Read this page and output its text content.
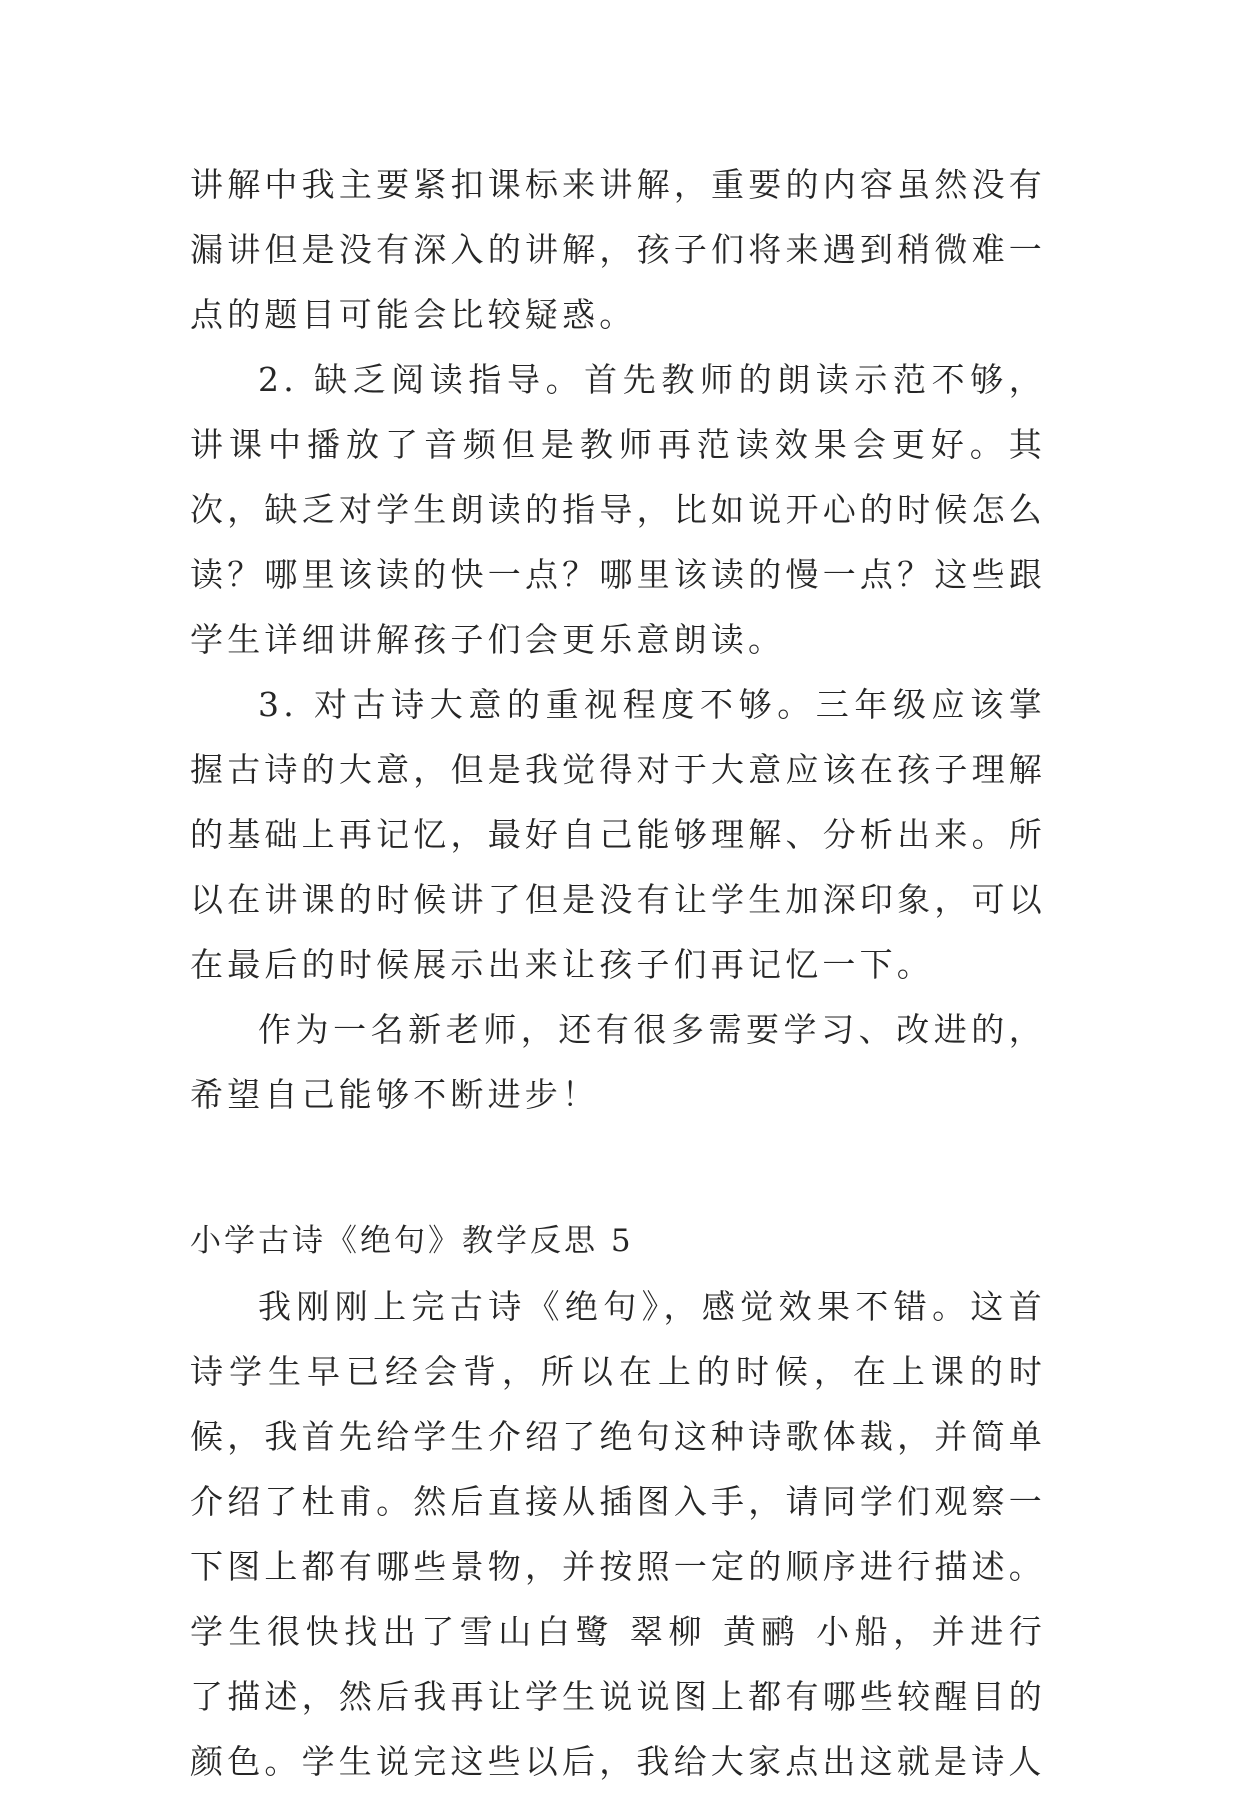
讲解中我主要紧扣课标来讲解，重要的内容虽然没有漏讲但是没有深入的讲解，孩子们将来遇到稍微难一点的题目可能会比较疑惑。

2. 缺乏阅读指导。首先教师的朗读示范不够，讲课中播放了音频但是教师再范读效果会更好。其次，缺乏对学生朗读的指导，比如说开心的时候怎么读？哪里该读的快一点？哪里该读的慢一点？这些跟学生详细讲解孩子们会更乐意朗读。

3. 对古诗大意的重视程度不够。三年级应该掌握古诗的大意，但是我觉得对于大意应该在孩子理解的基础上再记忆，最好自己能够理解、分析出来。所以在讲课的时候讲了但是没有让学生加深印象，可以在最后的时候展示出来让孩子们再记忆一下。

作为一名新老师，还有很多需要学习、改进的，希望自己能够不断进步！

小学古诗《绝句》教学反思 5

我刚刚上完古诗《绝句》，感觉效果不错。这首诗学生早已经会背，所以在上的时候，在上课的时候，我首先给学生介绍了绝句这种诗歌体裁，并简单介绍了杜甫。然后直接从插图入手，请同学们观察一下图上都有哪些景物，并按照一定的顺序进行描述。学生很快找出了雪山白鹭 翠柳 黄鹂 小船，并进行了描述，然后我再让学生说说图上都有哪些较醒目的颜色。学生说完这些以后，我给大家点出这就是诗人
